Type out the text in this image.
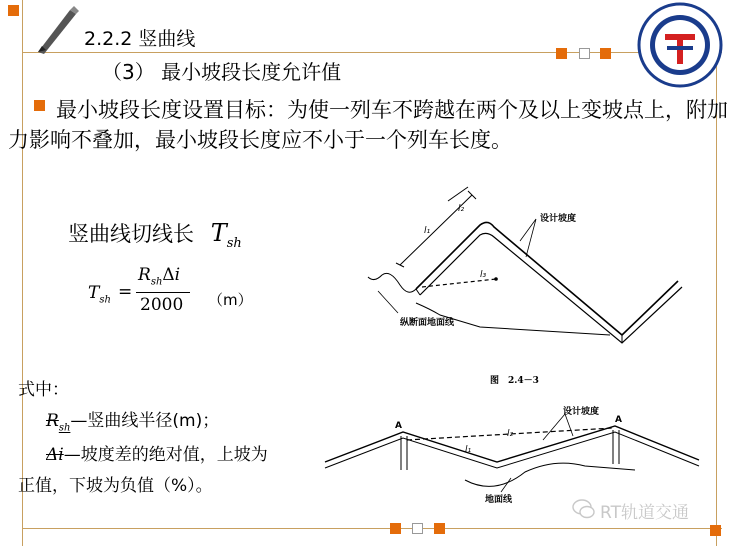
2.2.2 竖曲线
（3） 最小坡段长度允许值
最小坡段长度设置目标：为使一列车不跨越在两个及以上变坡点上，附加力影响不叠加，最小坡段长度应不小于一个列车长度。
竖曲线切线长 $T_{sh}$
$T_{sh}$ =
$R_{sh}\Delta i$
2000 （m）
式中：
$R_{sh}—$竖曲线半径(m)；
Δi—坡度差的绝对值，上坡为
正值，下坡为负值（%）。
设计坡度
纵断面地面线
l₁
l₂
l₃
图　2.4－3
设计坡度
地面线
A
A
l₁
l₂
RT轨道交通
